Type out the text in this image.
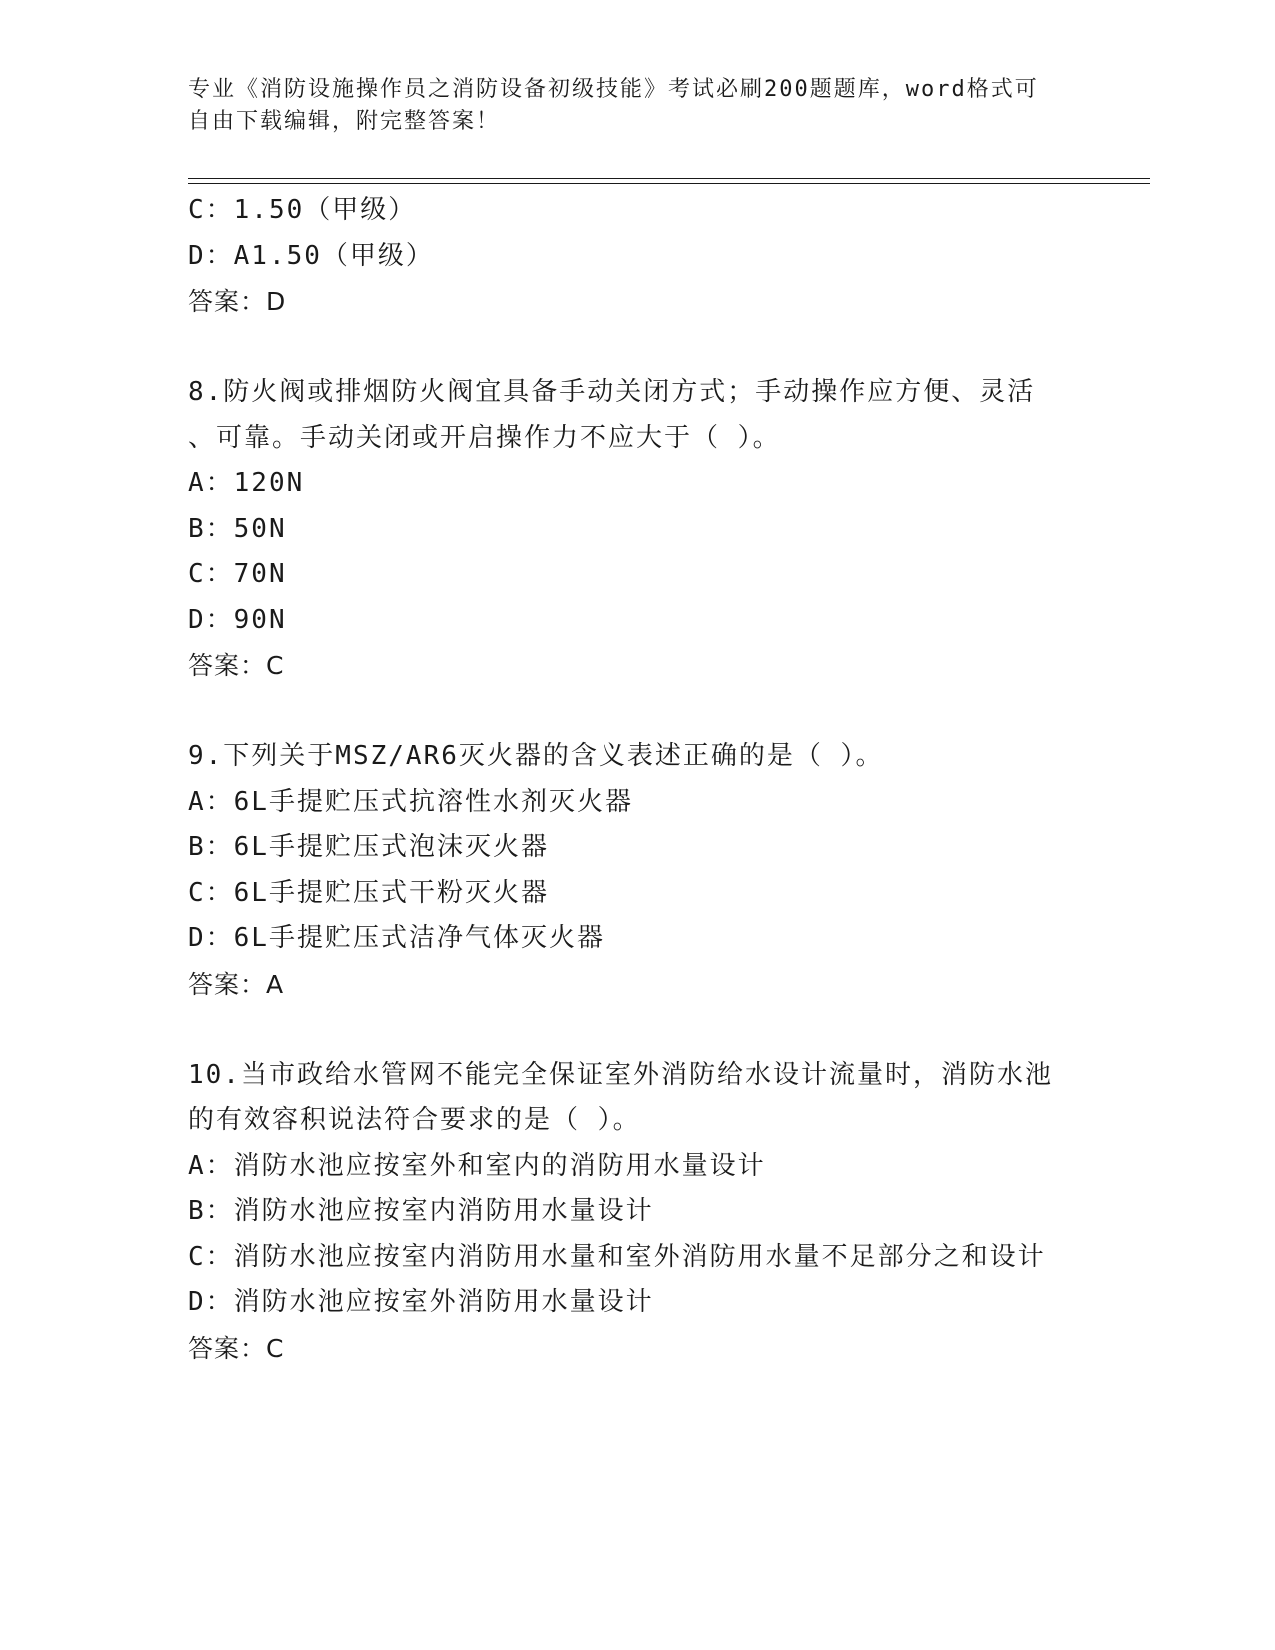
专业《消防设施操作员之消防设备初级技能》考试必刷200题题库，word格式可
自由下载编辑，附完整答案！
C：1.50（甲级）
D：A1.50（甲级）
答案：D
8.防火阀或排烟防火阀宜具备手动关闭方式；手动操作应方便、灵活
、可靠。手动关闭或开启操作力不应大于（ ）。
A：120N
B：50N
C：70N
D：90N
答案：C
9.下列关于MSZ/AR6灭火器的含义表述正确的是（ ）。
A：6L手提贮压式抗溶性水剂灭火器
B：6L手提贮压式泡沫灭火器
C：6L手提贮压式干粉灭火器
D：6L手提贮压式洁净气体灭火器
答案：A
10.当市政给水管网不能完全保证室外消防给水设计流量时，消防水池
的有效容积说法符合要求的是（ ）。
A：消防水池应按室外和室内的消防用水量设计
B：消防水池应按室内消防用水量设计
C：消防水池应按室内消防用水量和室外消防用水量不足部分之和设计
D：消防水池应按室外消防用水量设计
答案：C
